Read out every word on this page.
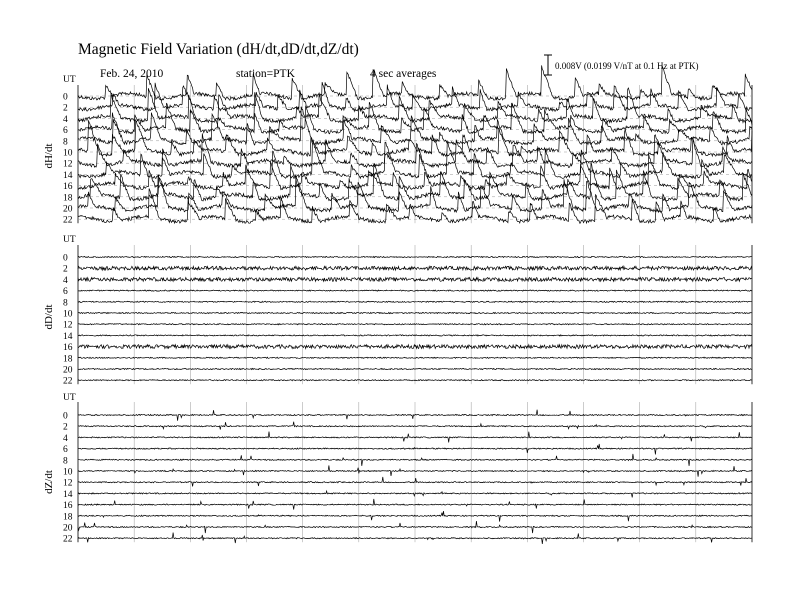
Magnetic Field Variation (dH/dt,dD/dt,dZ/dt)
Feb. 24, 2010	station=PTK	4 sec averages
0.008V (0.0199 V/nT at 0.1 Hz at PTK)
UT
dH/dt
0
2
4
6
8
10
12
14
16
18
20
22
UT
dD/dt
0
2
4
6
8
10
12
14
16
18
20
22
UT
dZ/dt
0
2
4
6
8
10
12
14
16
18
20
22
